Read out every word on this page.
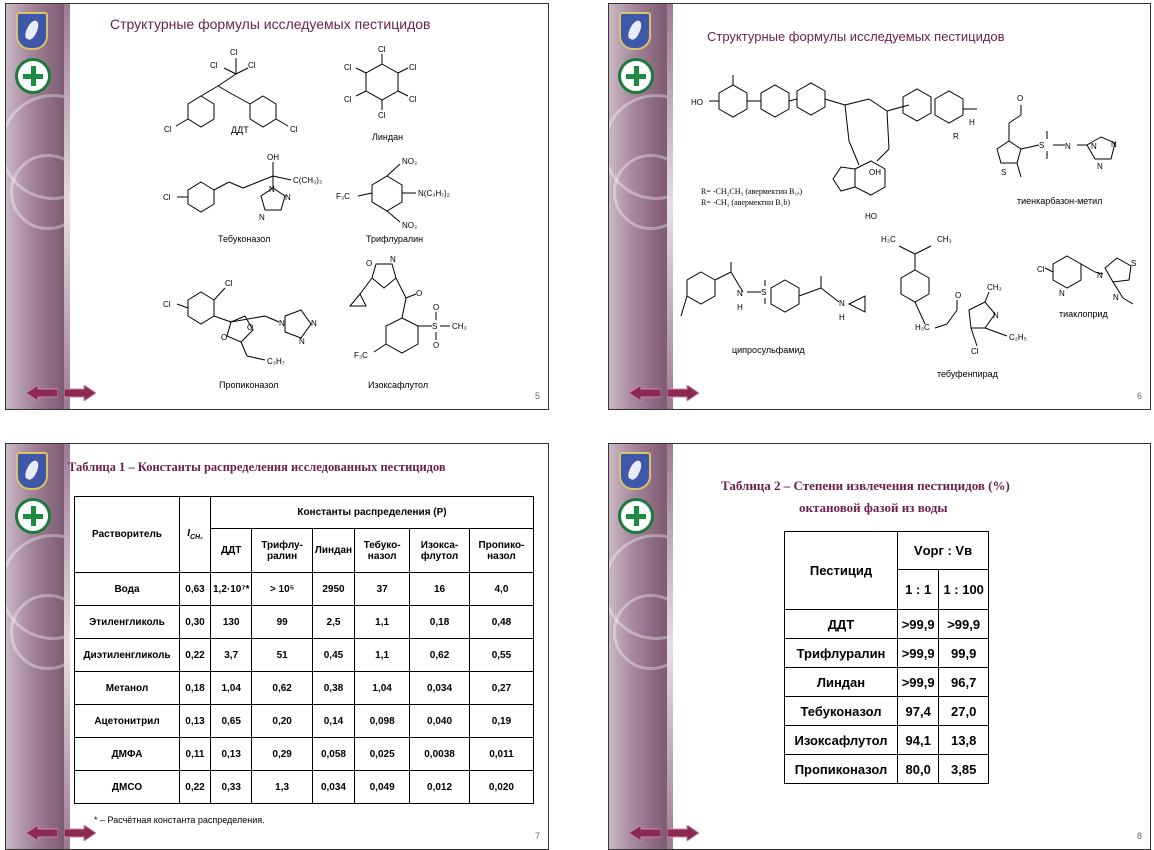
Структурные формулы исследуемых пестицидов
Cl
Cl	Cl
Cl	Cl
ДДТ
Cl
Cl
Cl
Cl
Cl
Cl
Линдан
Cl
OH
C(CH₃)₃
N
N
N
Тебуконазол
NO₂
N(C₃H₇)₂
NO₂
F₃C
Трифлуралин
Cl
Cl
O
O
N	N
N
C₃H₇
Пропиконазол
O N
O
S
O
O
CH₃
F₃C
Изоксафлутол
5
Структурные формулы исследуемых пестицидов
HO
OH
HO
R
H
R= -CH₂CH₃ (авермектин B₁ₐ)
R= -CH₃ (авермектин B₁b)
S
S	N	N N
N
O
тиенкарбазон-метил
N S
N
H
H
ципросульфамид
H₃C	CH₃
H₃C
O
CH₃
N
Cl
C₂H₅
тебуфенпирад
Cl
N
N
S
N
тиаклоприд
6
Таблица 1 – Константы распределения исследованных пестицидов
* – Расчётная константа распределения.
7
Растворитель	$I_{CH_2}$	Константы распределения (P)					
		ДДТ	Трифлу-ралин	Линдан	Тебуко-назол	Изокса-флутол	Пропико-назол
Вода	0,63	1,2·10⁷*	> 10⁵	2950	37	16	4,0
Этиленгликоль	0,30	130	99	2,5	1,1	0,18	0,48
Диэтиленгликоль	0,22	3,7	51	0,45	1,1	0,62	0,55
Метанол	0,18	1,04	0,62	0,38	1,04	0,034	0,27
Ацетонитрил	0,13	0,65	0,20	0,14	0,098	0,040	0,19
ДМФА	0,11	0,13	0,29	0,058	0,025	0,0038	0,011
ДМСО	0,22	0,33	1,3	0,034	0,049	0,012	0,020
Таблица 2 – Степени извлечения пестицидов (%)
октановой фазой из воды
8
Пестицид	Vорг : Vв	
	1 : 1	1 : 100
ДДТ	>99,9	>99,9
Трифлуралин	>99,9	99,9
Линдан	>99,9	96,7
Тебуконазол	97,4	27,0
Изоксафлутол	94,1	13,8
Пропиконазол	80,0	3,85
